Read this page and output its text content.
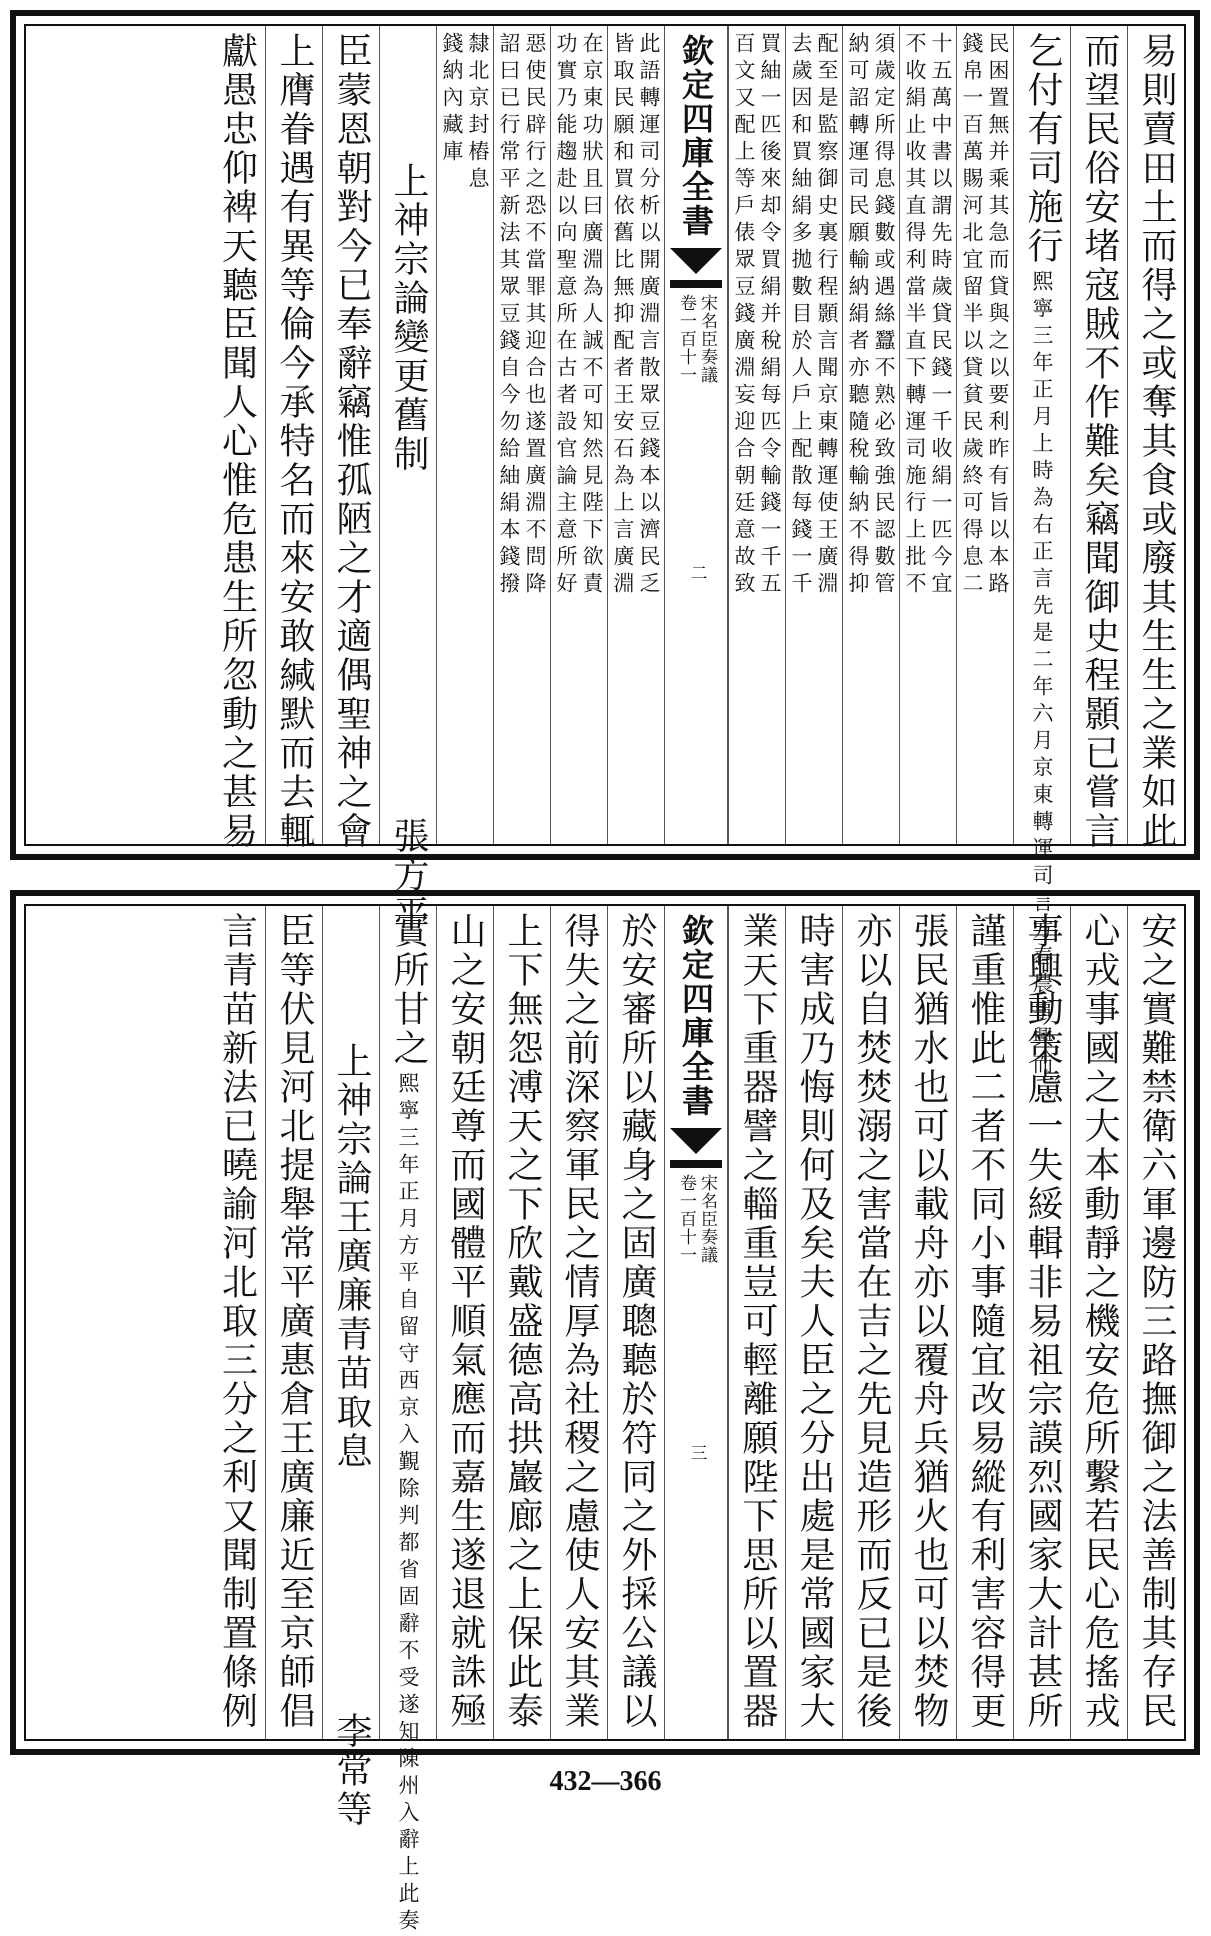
易則賣田土而得之或奪其食或廢其生生之業如此
而望民俗安堵寇賊不作難矣竊聞御史程顥已嘗言
乞付有司施行
熙寧三年正月上時為右正言先是二年六月京東轉運司言方春農事興而
民困置無并乘其急而貸與之以要利昨有旨以本路
錢帛一百萬賜河北宜留半以貸貧民歲終可得息二
十五萬中書以謂先時歲貸民錢一千收絹一匹今宜
不收絹止收其直得利當半直下轉運司施行上批不
須歲定所得息錢數或遇絲蠶不熟必致強民認數管
納可詔轉運司民願輸納絹者亦聽隨稅輸納不得抑
配至是監察御史裏行程顥言聞京東轉運使王廣淵
去歲因和買紬絹多拋數目於人戶上配散每錢一千
買紬一匹後來却令買絹并稅絹每匹令輸錢一千五
百文又配上等戶俵眾豆錢廣淵妄迎合朝廷意故致
欽定四庫全書
宋名臣奏議
卷一百十一
二
此語轉運司分析以開廣淵言散眾豆錢本以濟民乏
皆取民願和買依舊比無抑配者王安石為上言廣淵
在京東功狀且曰廣淵為人誠不可知然見陛下欲責
功實乃能趨赴以向聖意所在古者設官論主意所好
惡使民辟行之恐不當罪其迎合也遂置廣淵不問降
詔曰已行常平新法其眾豆錢自今勿給紬絹本錢撥
隸北京封樁息
錢納內藏庫
上神宗論變更舊制
張方平
臣蒙恩朝對今已奉辭竊惟孤陋之才適偶聖神之會
上膺眷遇有異等倫今承特名而來安敢緘默而去輒
獻愚忠仰裨天聽臣聞人心惟危患生所忽動之甚易
安之實難禁衛六軍邊防三路撫御之法善制其存民
心戎事國之大本動靜之機安危所繫若民心危搖戎
事興動策慮一失綏輯非易祖宗謨烈國家大計甚所
謹重惟此二者不同小事隨宜改易縱有利害容得更
張民猶水也可以載舟亦以覆舟兵猶火也可以焚物
亦以自焚焚溺之害當在吉之先見造形而反已是後
時害成乃悔則何及矣夫人臣之分出處是常國家大
業天下重器譬之輜重豈可輕離願陛下思所以置器
欽定四庫全書
宋名臣奏議
卷一百十一
三
於安審所以藏身之固廣聰聽於符同之外採公議以
得失之前深察軍民之情厚為社稷之慮使人安其業
上下無怨溥天之下欣戴盛德高拱巖廊之上保此泰
山之安朝廷尊而國體平順氣應而嘉生遂退就誅殛
實所甘之
熙寧三年正月方平自留守西京入覲除判都省固辭不受遂知陳州入辭上此奏
上神宗論王廣廉青苗取息
李常等
臣等伏見河北提舉常平廣惠倉王廣廉近至京師倡
言青苗新法已曉諭河北取三分之利又聞制置條例
432—366
